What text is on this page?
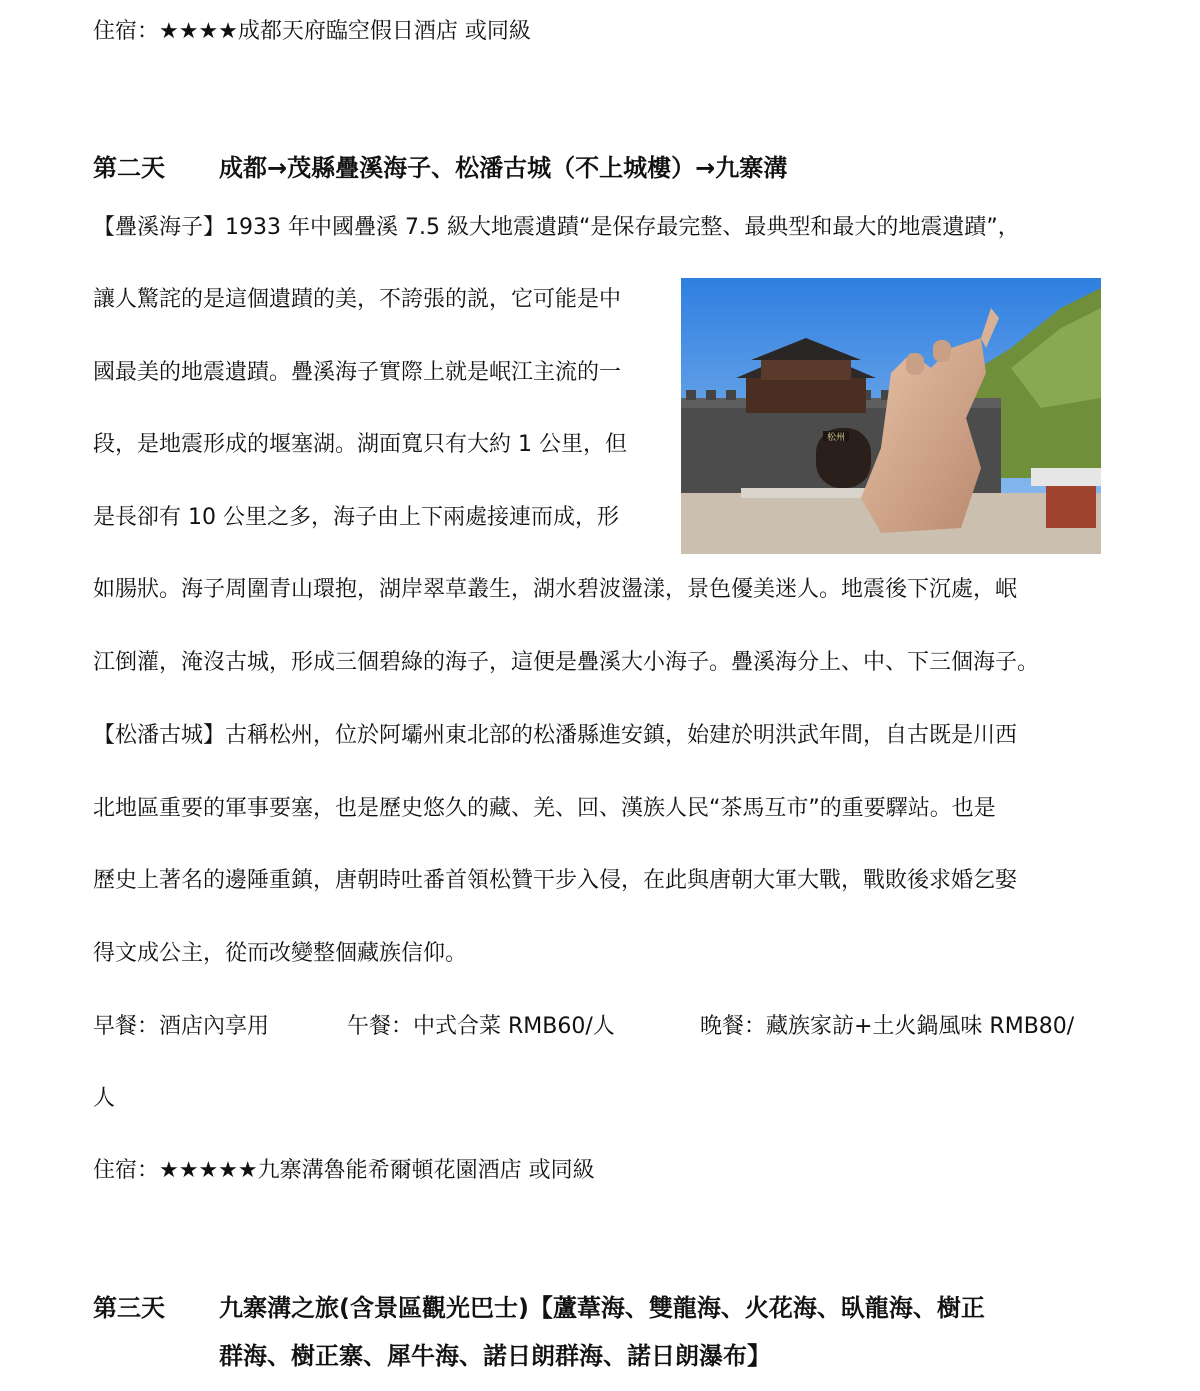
住宿：★★★★成都天府臨空假日酒店 或同級
第二天 成都→茂縣疊溪海子、松潘古城（不上城樓）→九寨溝
【疊溪海子】1933 年中國疊溪 7.5 級大地震遺蹟“是保存最完整、最典型和最大的地震遺蹟”，
讓人驚詫的是這個遺蹟的美，不誇張的説，它可能是中
國最美的地震遺蹟。疊溪海子實際上就是岷江主流的一
段，是地震形成的堰塞湖。湖面寬只有大約 1 公里，但
是長卻有 10 公里之多，海子由上下兩處接連而成，形
如腸狀。海子周圍青山環抱，湖岸翠草叢生，湖水碧波盪漾，景色優美迷人。地震後下沉處，岷
江倒灌，淹沒古城，形成三個碧綠的海子，這便是疊溪大小海子。疊溪海分上、中、下三個海子。
松州
【松潘古城】古稱松州，位於阿壩州東北部的松潘縣進安鎮，始建於明洪武年間，自古既是川西
北地區重要的軍事要塞，也是歷史悠久的藏、羌、回、漢族人民“茶馬互市”的重要驛站。也是
歷史上著名的邊陲重鎮，唐朝時吐番首領松贊干步入侵，在此與唐朝大軍大戰，戰敗後求婚乞娶
得文成公主，從而改變整個藏族信仰。
早餐：酒店內享用	午餐：中式合菜 RMB60/人	晚餐：藏族家訪+土火鍋風味 RMB80/
人
住宿：★★★★★九寨溝魯能希爾頓花園酒店 或同級
第三天 九寨溝之旅(含景區觀光巴士)【蘆葦海、雙龍海、火花海、臥龍海、樹正
群海、樹正寨、犀牛海、諾日朗群海、諾日朗瀑布】
